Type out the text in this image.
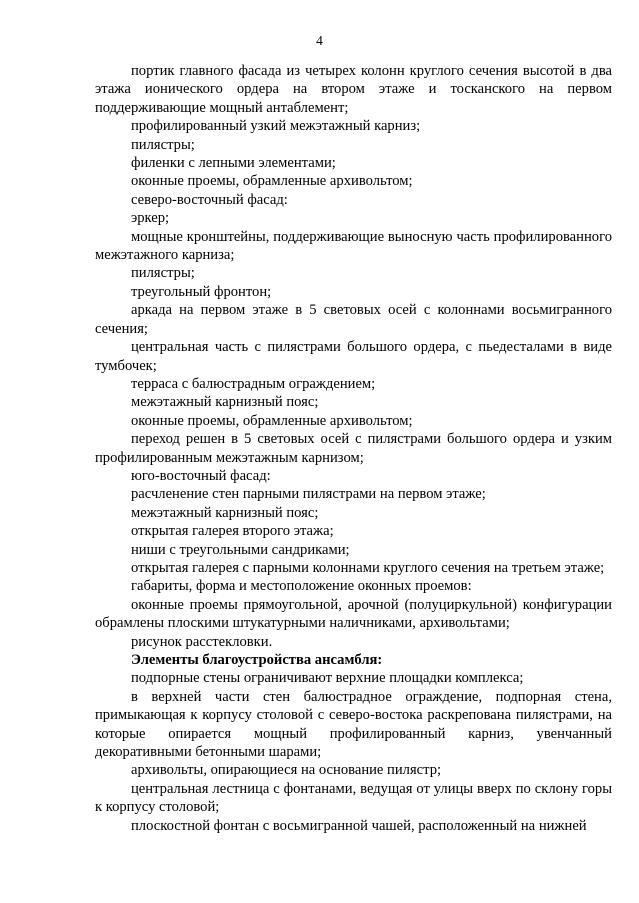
4

портик главного фасада из четырех колонн круглого сечения высотой в два этажа ионического ордера на втором этаже и тосканского на первом поддерживающие мощный антаблемент;

профилированный узкий межэтажный карниз;

пилястры;

филенки с лепными элементами;

оконные проемы, обрамленные архивольтом;

северо-восточный фасад:

эркер;

мощные кронштейны, поддерживающие выносную часть профилированного межэтажного карниза;

пилястры;

треугольный фронтон;

аркада на первом этаже в 5 световых осей с колоннами восьмигранного сечения;

центральная часть с пилястрами большого ордера, с пьедесталами в виде тумбочек;

терраса с балюстрадным ограждением;

межэтажный карнизный пояс;

оконные проемы, обрамленные архивольтом;

переход решен в 5 световых осей с пилястрами большого ордера и узким профилированным межэтажным карнизом;

юго-восточный фасад:

расчленение стен парными пилястрами на первом этаже;

межэтажный карнизный пояс;

открытая галерея второго этажа;

ниши с треугольными сандриками;

открытая галерея с парными колоннами круглого сечения на третьем этаже;

габариты, форма и местоположение оконных проемов:

оконные проемы прямоугольной, арочной (полуциркульной) конфигурации обрамлены плоскими штукатурными наличниками, архивольтами;

рисунок расстекловки.

Элементы благоустройства ансамбля:

подпорные стены ограничивают верхние площадки комплекса;

в верхней части стен балюстрадное ограждение, подпорная стена, примыкающая к корпусу столовой с северо-востока раскрепована пилястрами, на которые опирается мощный профилированный карниз, увенчанный декоративными бетонными шарами;

архивольты, опирающиеся на основание пилястр;

центральная лестница с фонтанами, ведущая от улицы вверх по склону горы к корпусу столовой;

плоскостной фонтан с восьмигранной чашей, расположенный на нижней
